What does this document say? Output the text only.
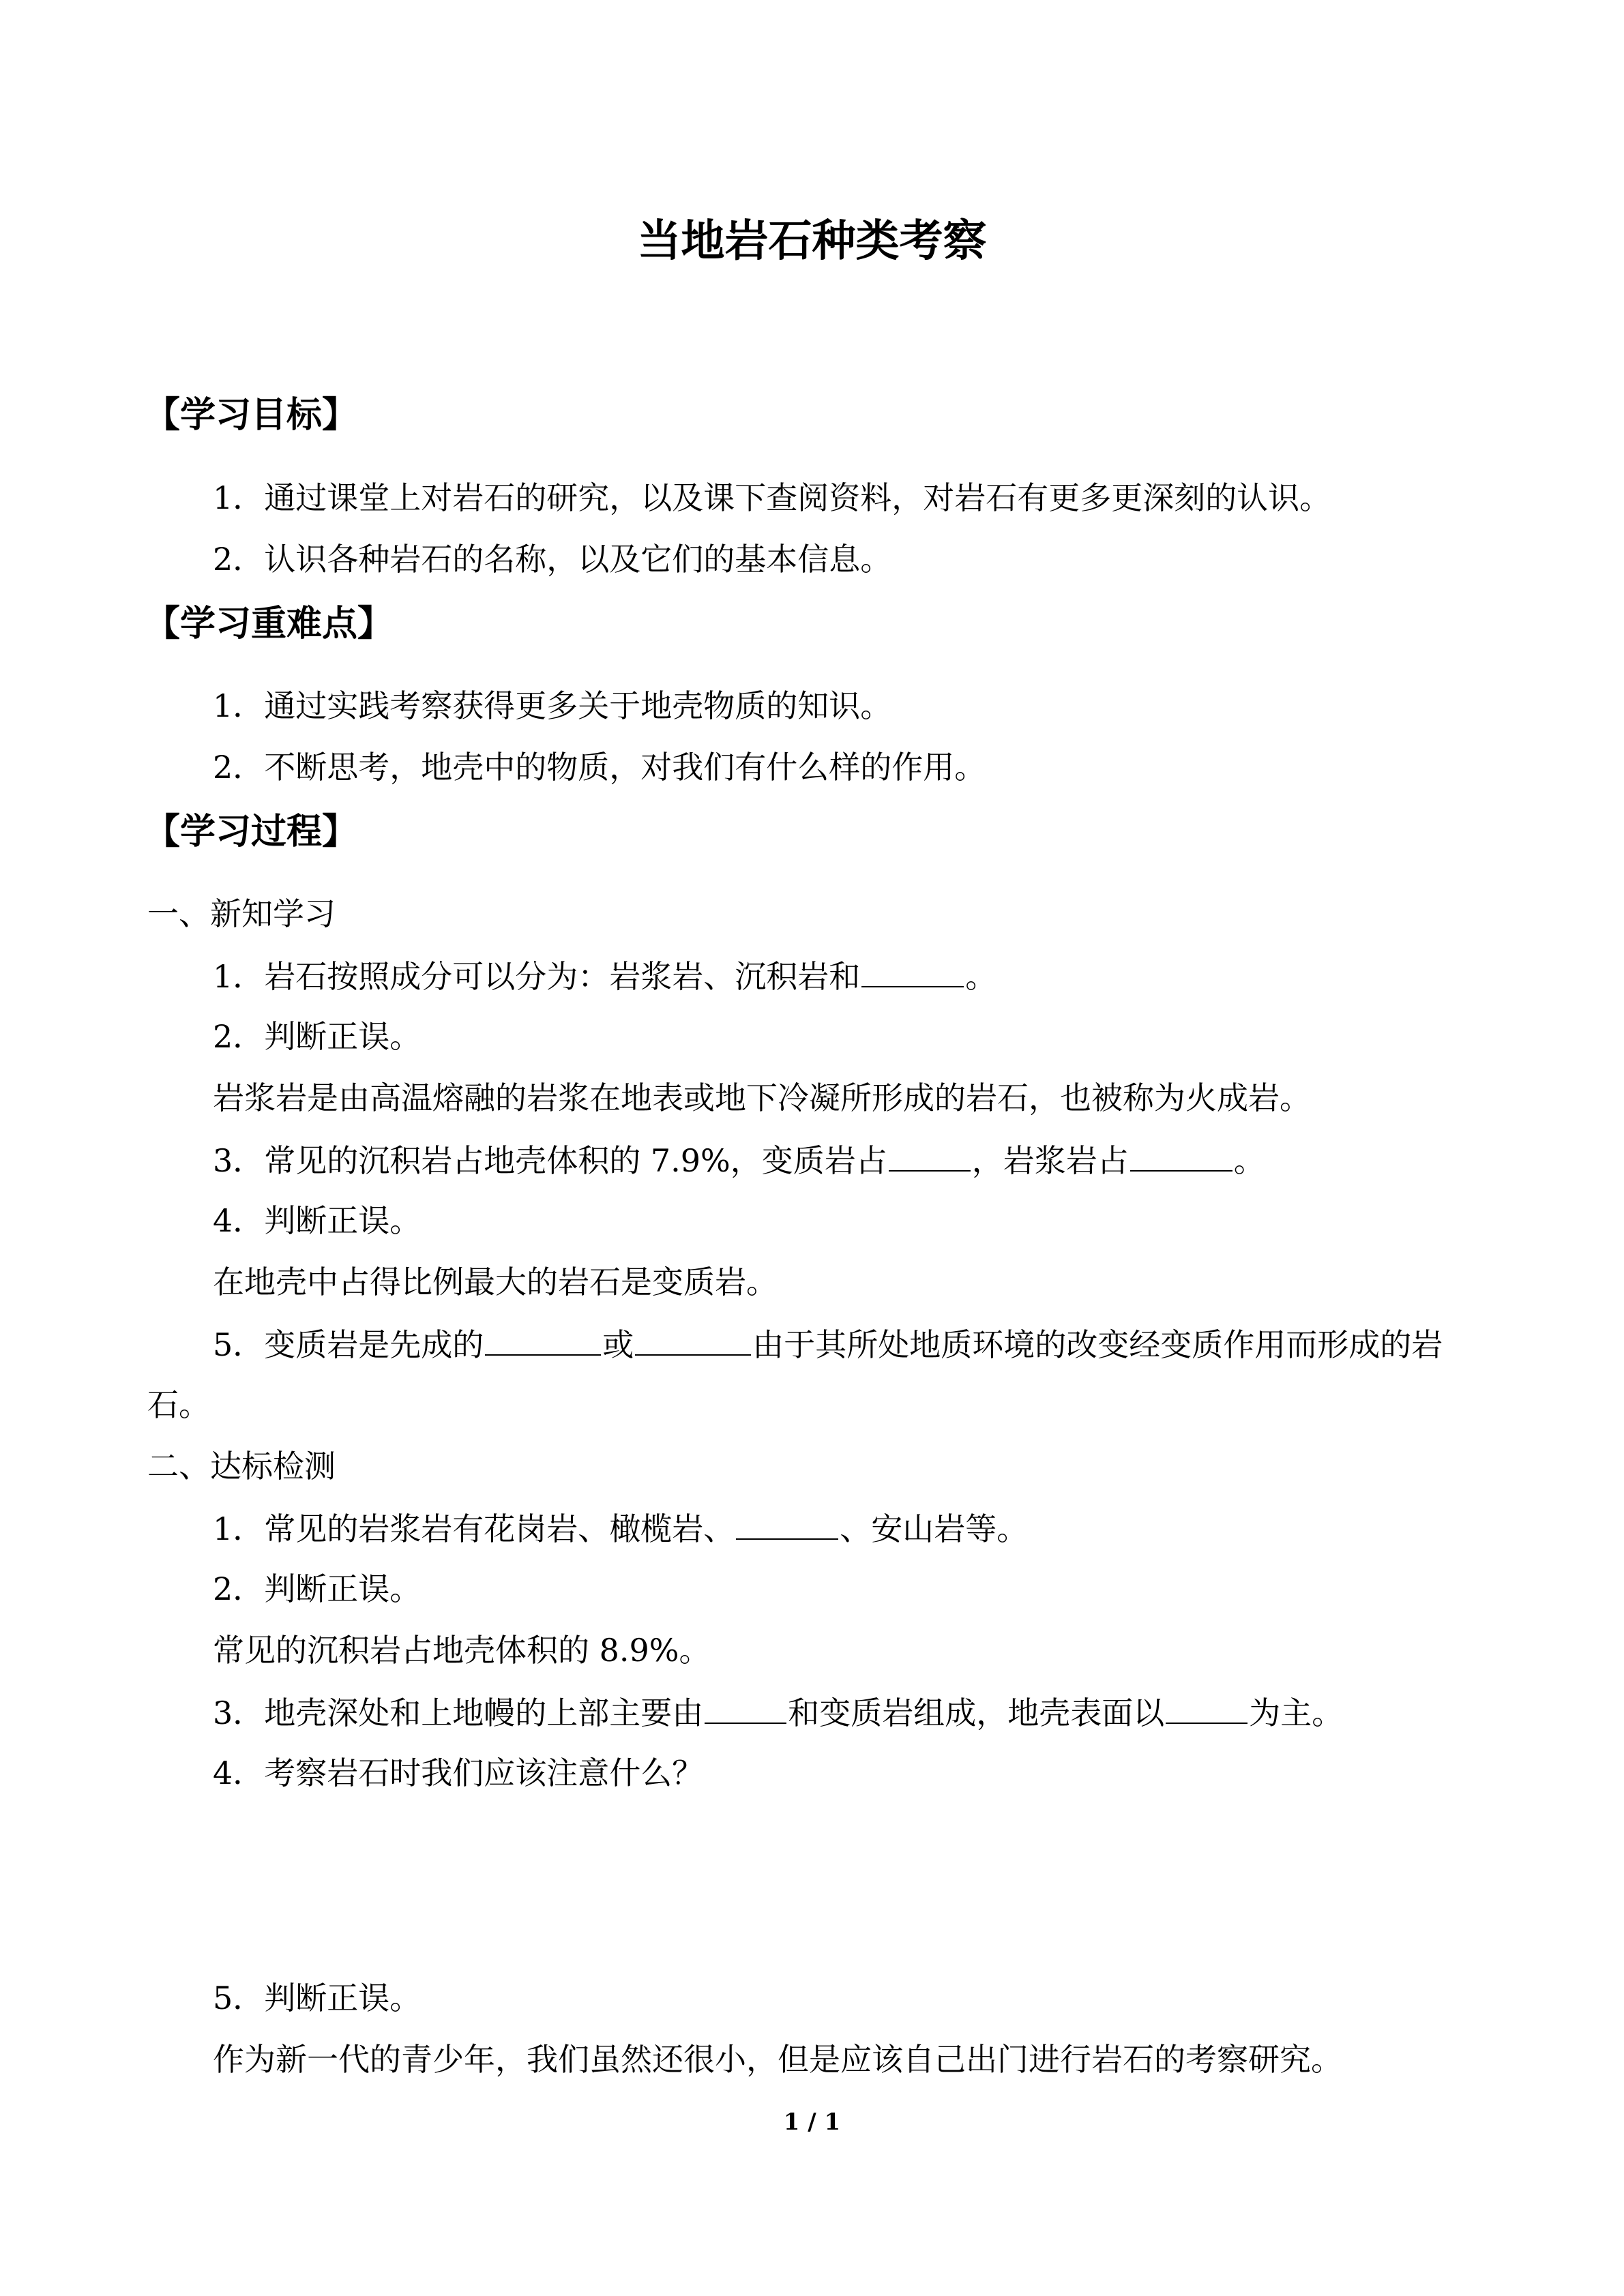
当地岩石种类考察
【学习目标】
1．通过课堂上对岩石的研究，以及课下查阅资料，对岩石有更多更深刻的认识。
2．认识各种岩石的名称，以及它们的基本信息。
【学习重难点】
1．通过实践考察获得更多关于地壳物质的知识。
2．不断思考，地壳中的物质，对我们有什么样的作用。
【学习过程】
一、新知学习
1．岩石按照成分可以分为：岩浆岩、沉积岩和	。
2．判断正误。
岩浆岩是由高温熔融的岩浆在地表或地下冷凝所形成的岩石，也被称为火成岩。
3．常见的沉积岩占地壳体积的 7.9%，变质岩占	，岩浆岩占	。
4．判断正误。
在地壳中占得比例最大的岩石是变质岩。
5．变质岩是先成的	或	由于其所处地质环境的改变经变质作用而形成的岩
石。
二、达标检测
1．常见的岩浆岩有花岗岩、橄榄岩、	、安山岩等。
2．判断正误。
常见的沉积岩占地壳体积的 8.9%。
3．地壳深处和上地幔的上部主要由	和变质岩组成，地壳表面以	为主。
4．考察岩石时我们应该注意什么？
5．判断正误。
作为新一代的青少年，我们虽然还很小，但是应该自己出门进行岩石的考察研究。
1 / 1
